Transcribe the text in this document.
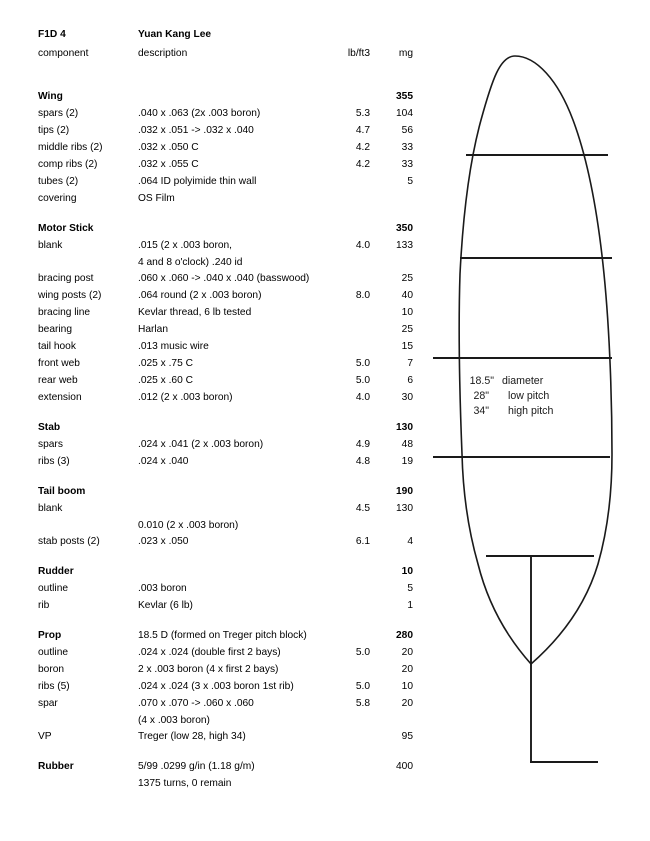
F1D 4	Yuan Kang Lee		
component	description	lb/ft3	mg

Wing			355
spars (2)	.040 x .063 (2x .003 boron)	5.3	104
tips (2)	.032 x .051 -> .032 x .040	4.7	56
middle ribs (2)	.032 x .050 C	4.2	33
comp ribs (2)	.032 x .055 C	4.2	33
tubes (2)	.064 ID polyimide thin wall		5
covering	OS Film		

Motor Stick			350
blank	.015 (2 x .003 boron,	4.0	133
	4 and 8 o'clock) .240 id		
bracing post	.060 x .060 -> .040 x .040 (basswood)		25
wing posts (2)	.064 round (2 x .003 boron)	8.0	40
bracing line	Kevlar thread, 6 lb tested		10
bearing	Harlan		25
tail hook	.013 music wire		15
front web	.025 x .75 C	5.0	7
rear web	.025 x .60 C	5.0	6
extension	.012 (2 x .003 boron)	4.0	30

Stab			130
spars	.024 x .041 (2 x .003 boron)	4.9	48
ribs (3)	.024 x .040	4.8	19

Tail boom			190
blank		4.5	130
	0.010 (2 x .003 boron)		
stab posts (2)	.023 x .050	6.1	4

Rudder			10
outline	.003 boron		5
rib	Kevlar (6 lb)		1

Prop	18.5 D (formed on Treger pitch block)		280
outline	.024 x .024 (double first 2 bays)	5.0	20
boron	2 x .003 boron (4 x first 2 bays)		20
ribs (5)	.024 x .024 (3 x .003 boron 1st rib)	5.0	10
spar	.070 x .070 -> .060 x .060	5.8	20
	(4 x .003 boron)		
VP	Treger (low 28, high 34)		95

Rubber	5/99 .0299 g/in (1.18 g/m)		400
	1375 turns, 0 remain		
18.5" diameter
28" low pitch
34" high pitch
